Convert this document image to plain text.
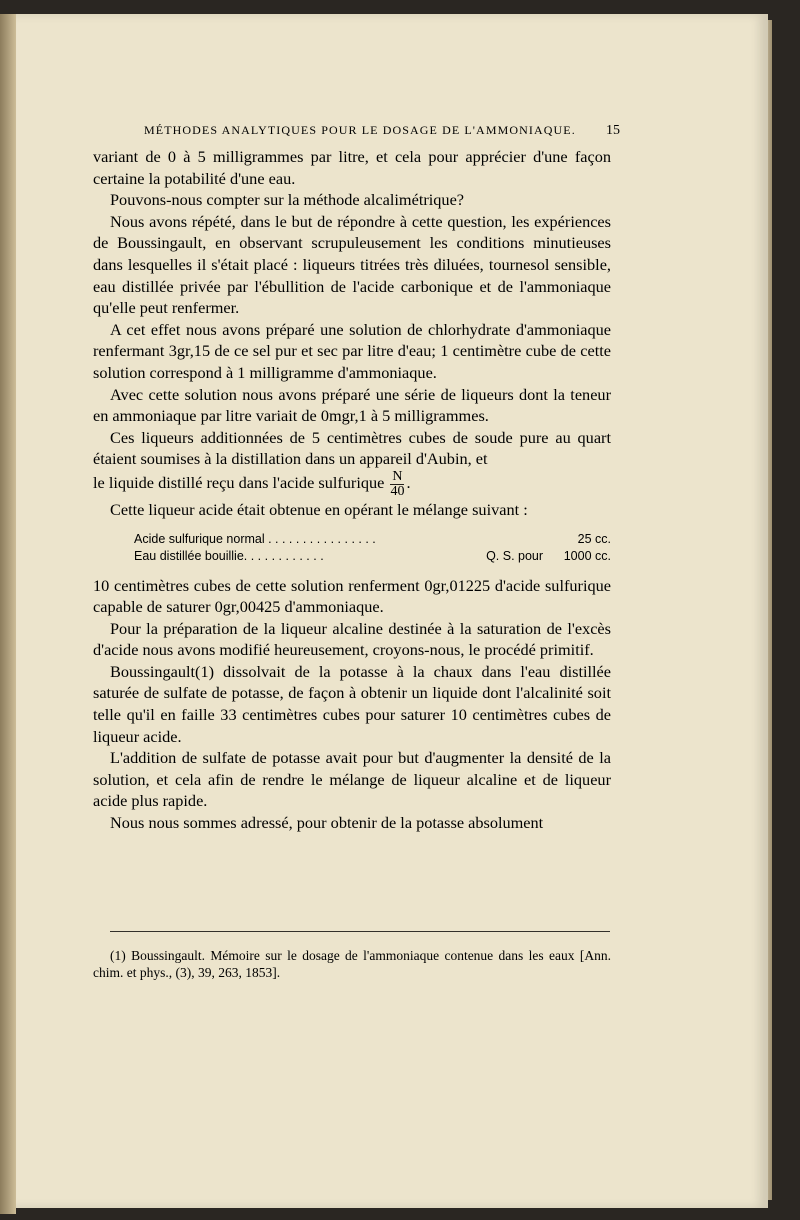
MÉTHODES ANALYTIQUES POUR LE DOSAGE DE L'AMMONIAQUE. 15

variant de 0 à 5 milligrammes par litre, et cela pour apprécier d'une façon certaine la potabilité d'une eau.

Pouvons-nous compter sur la méthode alcalimétrique?

Nous avons répété, dans le but de répondre à cette question, les expériences de Boussingault, en observant scrupuleusement les conditions minutieuses dans lesquelles il s'était placé : liqueurs titrées très diluées, tournesol sensible, eau distillée privée par l'ébullition de l'acide carbonique et de l'ammoniaque qu'elle peut renfermer.

A cet effet nous avons préparé une solution de chlorhydrate d'ammoniaque renfermant 3gr,15 de ce sel pur et sec par litre d'eau; 1 centimètre cube de cette solution correspond à 1 milligramme d'ammoniaque.

Avec cette solution nous avons préparé une série de liqueurs dont la teneur en ammoniaque par litre variait de 0mgr,1 à 5 milligrammes.

Ces liqueurs additionnées de 5 centimètres cubes de soude pure au quart étaient soumises à la distillation dans un appareil d'Aubin, et

le liquide distillé reçu dans l'acide sulfurique $\frac{N}{40}$ .

Cette liqueur acide était obtenue en opérant le mélange suivant :

Acide sulfurique normal . . . . . . . . . . . . . . . .		25 cc.
Eau distillée bouillie. . . . . . . . . . . .	Q. S. pour	1000 cc.

10 centimètres cubes de cette solution renferment 0gr,01225 d'acide sulfurique capable de saturer 0gr,00425 d'ammoniaque.

Pour la préparation de la liqueur alcaline destinée à la saturation de l'excès d'acide nous avons modifié heureusement, croyons-nous, le procédé primitif.

Boussingault(1) dissolvait de la potasse à la chaux dans l'eau distillée saturée de sulfate de potasse, de façon à obtenir un liquide dont l'alcalinité soit telle qu'il en faille 33 centimètres cubes pour saturer 10 centimètres cubes de liqueur acide.

L'addition de sulfate de potasse avait pour but d'augmenter la densité de la solution, et cela afin de rendre le mélange de liqueur alcaline et de liqueur acide plus rapide.

Nous nous sommes adressé, pour obtenir de la potasse absolument

(1) Boussingault. Mémoire sur le dosage de l'ammoniaque contenue dans les eaux [Ann. chim. et phys., (3), 39, 263, 1853].
